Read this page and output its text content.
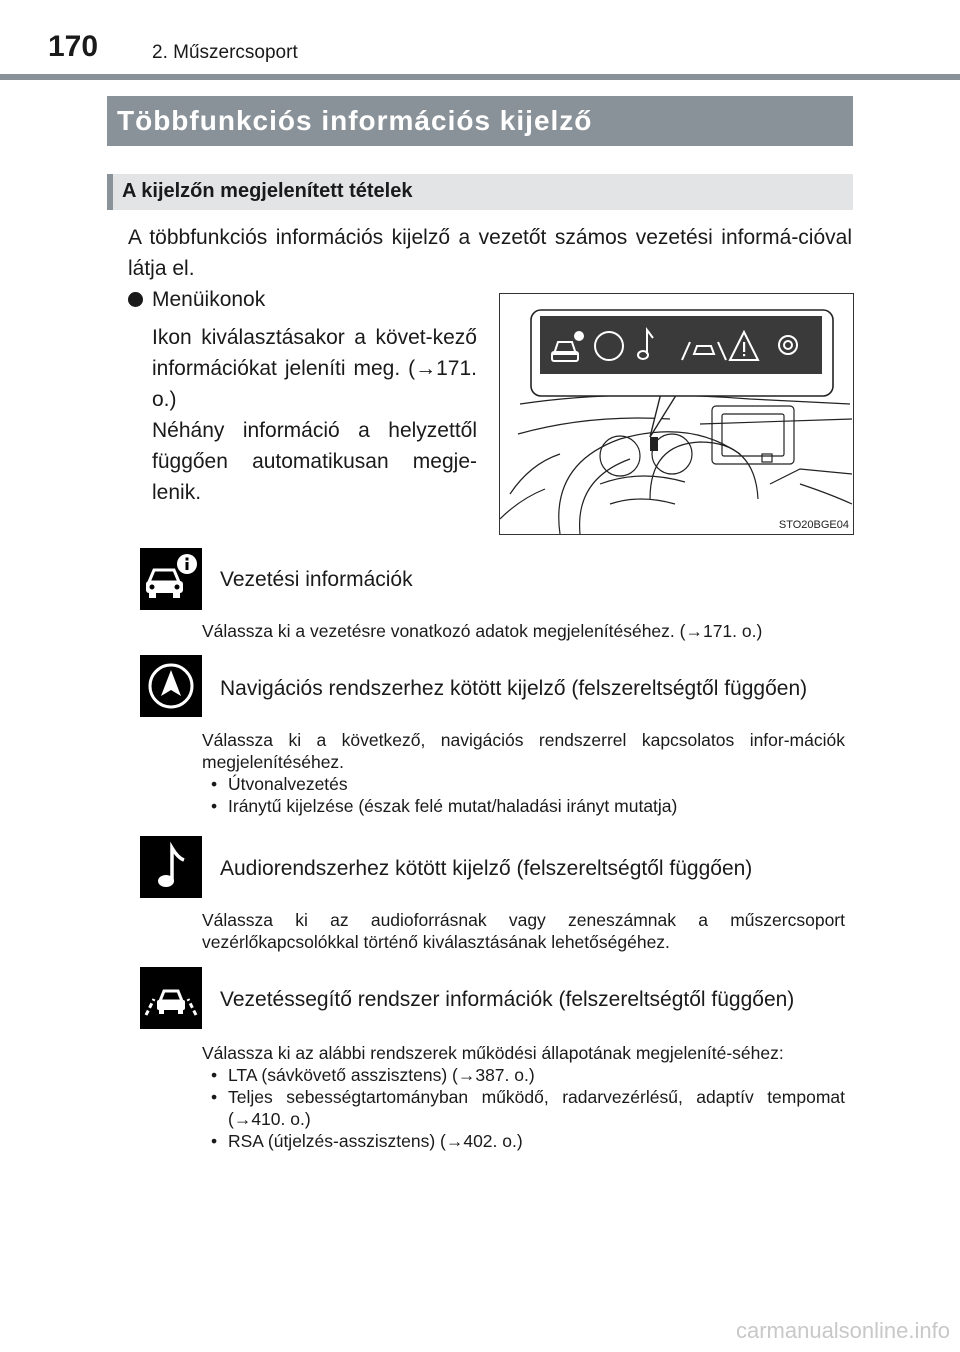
170	2. Műszercsoport
Többfunkciós információs kijelző
A kijelzőn megjelenített tételek
A többfunkciós információs kijelző a vezetőt számos vezetési informá-cióval látja el.
Menüikonok

Ikon kiválasztásakor a követ-kező információkat jeleníti meg. (→171. o.)

Néhány információ a helyzettől függően automatikusan megje-lenik.

STO20BGE04
Vezetési információk

Válassza ki a vezetésre vonatkozó adatok megjelenítéséhez. (→171. o.)

Navigációs rendszerhez kötött kijelző (felszereltségtől függően)

Válassza ki a következő, navigációs rendszerrel kapcsolatos infor-mációk megjelenítéséhez.

• Útvonalvezetés
• Iránytű kijelzése (észak felé mutat/haladási irányt mutatja)
Audiorendszerhez kötött kijelző (felszereltségtől függően)

Válassza ki az audioforrásnak vagy zeneszámnak a műszercsoport vezérlőkapcsolókkal történő kiválasztásának lehetőségéhez.

Vezetéssegítő rendszer információk (felszereltségtől függően)

Válassza ki az alábbi rendszerek működési állapotának megjeleníté-séhez:

• LTA (sávkövető asszisztens) (→387. o.)
• Teljes sebességtartományban működő, radarvezérlésű, adaptív tempomat (→410. o.)
• RSA (útjelzés-asszisztens) (→402. o.)
carmanualsonline.info
